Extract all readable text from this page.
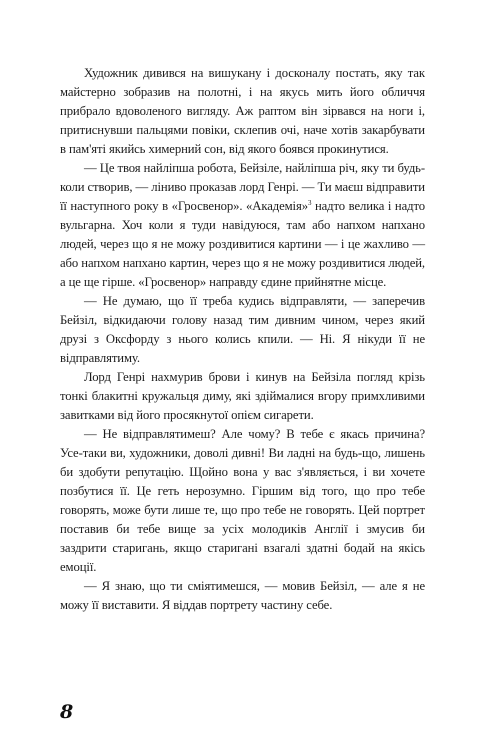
Художник дивився на вишукану і досконалу постать, яку так майстерно зобразив на полотні, і на якусь мить його обличчя прибрало вдоволеного вигляду. Аж раптом він зірвався на ноги і, притиснувши пальцями повіки, склепив очі, наче хотів закарбувати в пам'яті якийсь химерний сон, від якого боявся прокинутися.

— Це твоя найліпша робота, Бейзіле, найліпша річ, яку ти будь-коли створив, — ліниво проказав лорд Генрі. — Ти маєш відправити її наступного року в «Гросвенор». «Академія»$^3$ надто велика і надто вульгарна. Хоч коли я туди навідуюся, там або напхом напхано людей, через що я не можу роздивитися картини — і це жахливо — або напхом напхано картин, через що я не можу роздивитися людей, а це ще гірше. «Гросвенор» направду єдине прийнятне місце.

— Не думаю, що її треба кудись відправляти, — заперечив Бейзіл, відкидаючи голову назад тим дивним чином, через який друзі з Оксфорду з нього колись кпили. — Ні. Я нікуди її не відправлятиму.

Лорд Генрі нахмурив брови і кинув на Бейзіла погляд крізь тонкі блакитні кружальця диму, які здіймалися вгору примхливими завитками від його просякнутої опієм сигарети.

— Не відправлятимеш? Але чому? В тебе є якась причина? Усе-таки ви, художники, доволі дивні! Ви ладні на будь-що, лишень би здобути репутацію. Щойно вона у вас з'являється, і ви хочете позбутися її. Це геть нерозумно. Гіршим від того, що про тебе говорять, може бути лише те, що про тебе не говорять. Цей портрет поставив би тебе вище за усіх молодиків Англії і змусив би заздрити старигань, якщо старигані взагалі здатні бодай на якісь емоції.

— Я знаю, що ти сміятимешся, — мовив Бейзіл, — але я не можу її виставити. Я віддав портрету частину себе.

8
